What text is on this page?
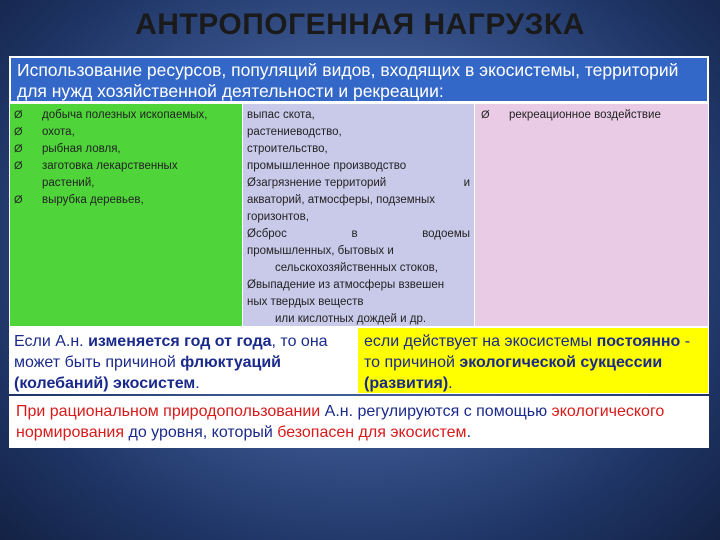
АНТРОПОГЕННАЯ НАГРУЗКА
Использование ресурсов, популяций видов, входящих в экосистемы, территорий для нужд хозяйственной деятельности и рекреации:
Ø	добыча полезных ископаемых,
Ø	охота,
Ø	рыбная ловля,
Ø	заготовка лекарственных
растений,
Ø	вырубка деревьев,
выпас скота,
растениеводство,
строительство,
промышленное производство
Øзагрязнение территорий	и
акваторий, атмосферы, подземных
горизонтов,
Øсброс	в	водоемы
промышленных, бытовых и
сельскохозяйственных стоков,
Øвыпадение из атмосферы взвешен
ных твердых веществ
или кислотных дождей и др.
Ø	рекреационное воздействие
Если А.н. изменяется год от года, то она может быть причиной флюктуаций (колебаний) экосистем.
если действует на экосистемы постоянно - то причиной экологической сукцессии (развития).
При рациональном природопользовании А.н. регулируются с помощью экологического нормирования до уровня, который безопасен для экосистем.
